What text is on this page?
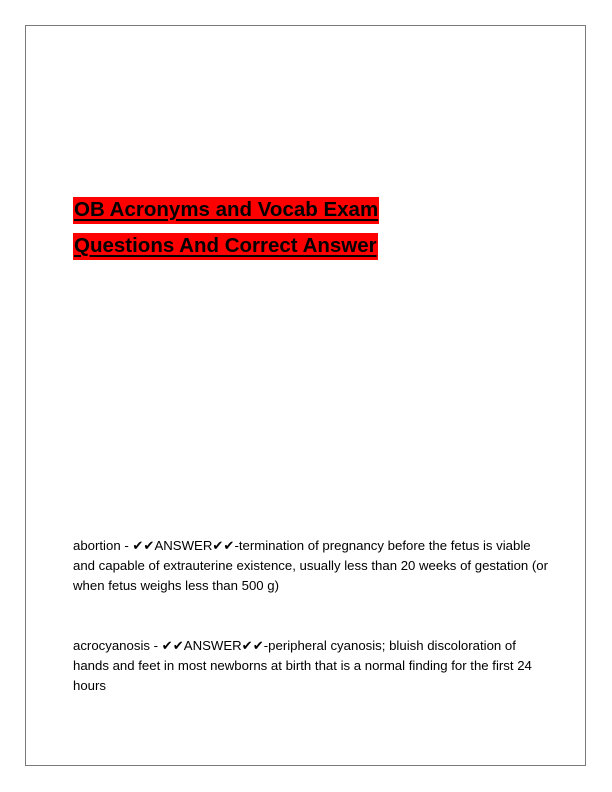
OB Acronyms and Vocab Exam
Questions And Correct Answer

abortion - ✔✔ANSWER✔✔-termination of pregnancy before the fetus is viable and capable of extrauterine existence, usually less than 20 weeks of gestation (or when fetus weighs less than 500 g)

acrocyanosis - ✔✔ANSWER✔✔-peripheral cyanosis; bluish discoloration of hands and feet in most newborns at birth that is a normal finding for the first 24 hours
